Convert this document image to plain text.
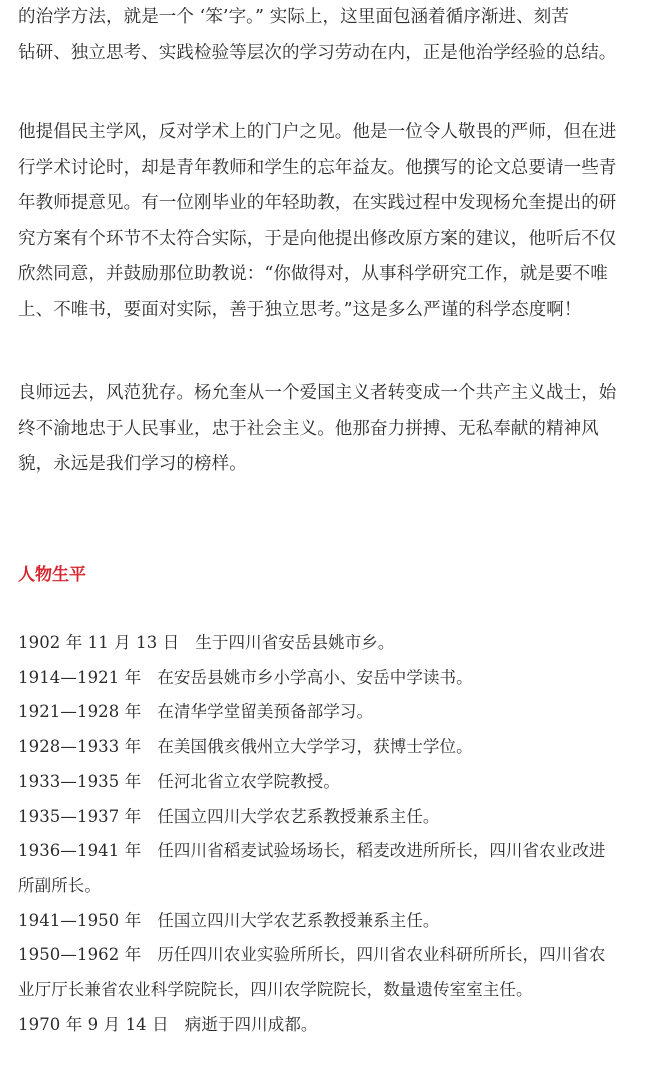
的治学方法，就是一个 ‘笨’字。” 实际上，这里面包涵着循序渐进、刻苦
钻研、独立思考、实践检验等层次的学习劳动在内，正是他治学经验的总结。

他提倡民主学风，反对学术上的门户之见。他是一位令人敬畏的严师，但在进
行学术讨论时，却是青年教师和学生的忘年益友。他撰写的论文总要请一些青
年教师提意见。有一位刚毕业的年轻助教，在实践过程中发现杨允奎提出的研
究方案有个环节不太符合实际，于是向他提出修改原方案的建议，他听后不仅
欣然同意，并鼓励那位助教说：“你做得对，从事科学研究工作，就是要不唯
上、不唯书，要面对实际，善于独立思考。”这是多么严谨的科学态度啊！

良师远去，风范犹存。杨允奎从一个爱国主义者转变成一个共产主义战士，始
终不渝地忠于人民事业，忠于社会主义。他那奋力拼搏、无私奉献的精神风
貌，永远是我们学习的榜样。

人物生平
1902 年 11 月 13 日 生于四川省安岳县姚市乡。
1914—1921 年 在安岳县姚市乡小学高小、安岳中学读书。
1921—1928 年 在清华学堂留美预备部学习。
1928—1933 年 在美国俄亥俄州立大学学习，获博士学位。
1933—1935 年 任河北省立农学院教授。
1935—1937 年 任国立四川大学农艺系教授兼系主任。
1936—1941 年 任四川省稻麦试验场场长，稻麦改进所所长，四川省农业改进
所副所长。
1941—1950 年 任国立四川大学农艺系教授兼系主任。
1950—1962 年 历任四川农业实验所所长，四川省农业科研所所长，四川省农
业厅厅长兼省农业科学院院长，四川农学院院长，数量遗传室室主任。
1970 年 9 月 14 日 病逝于四川成都。
